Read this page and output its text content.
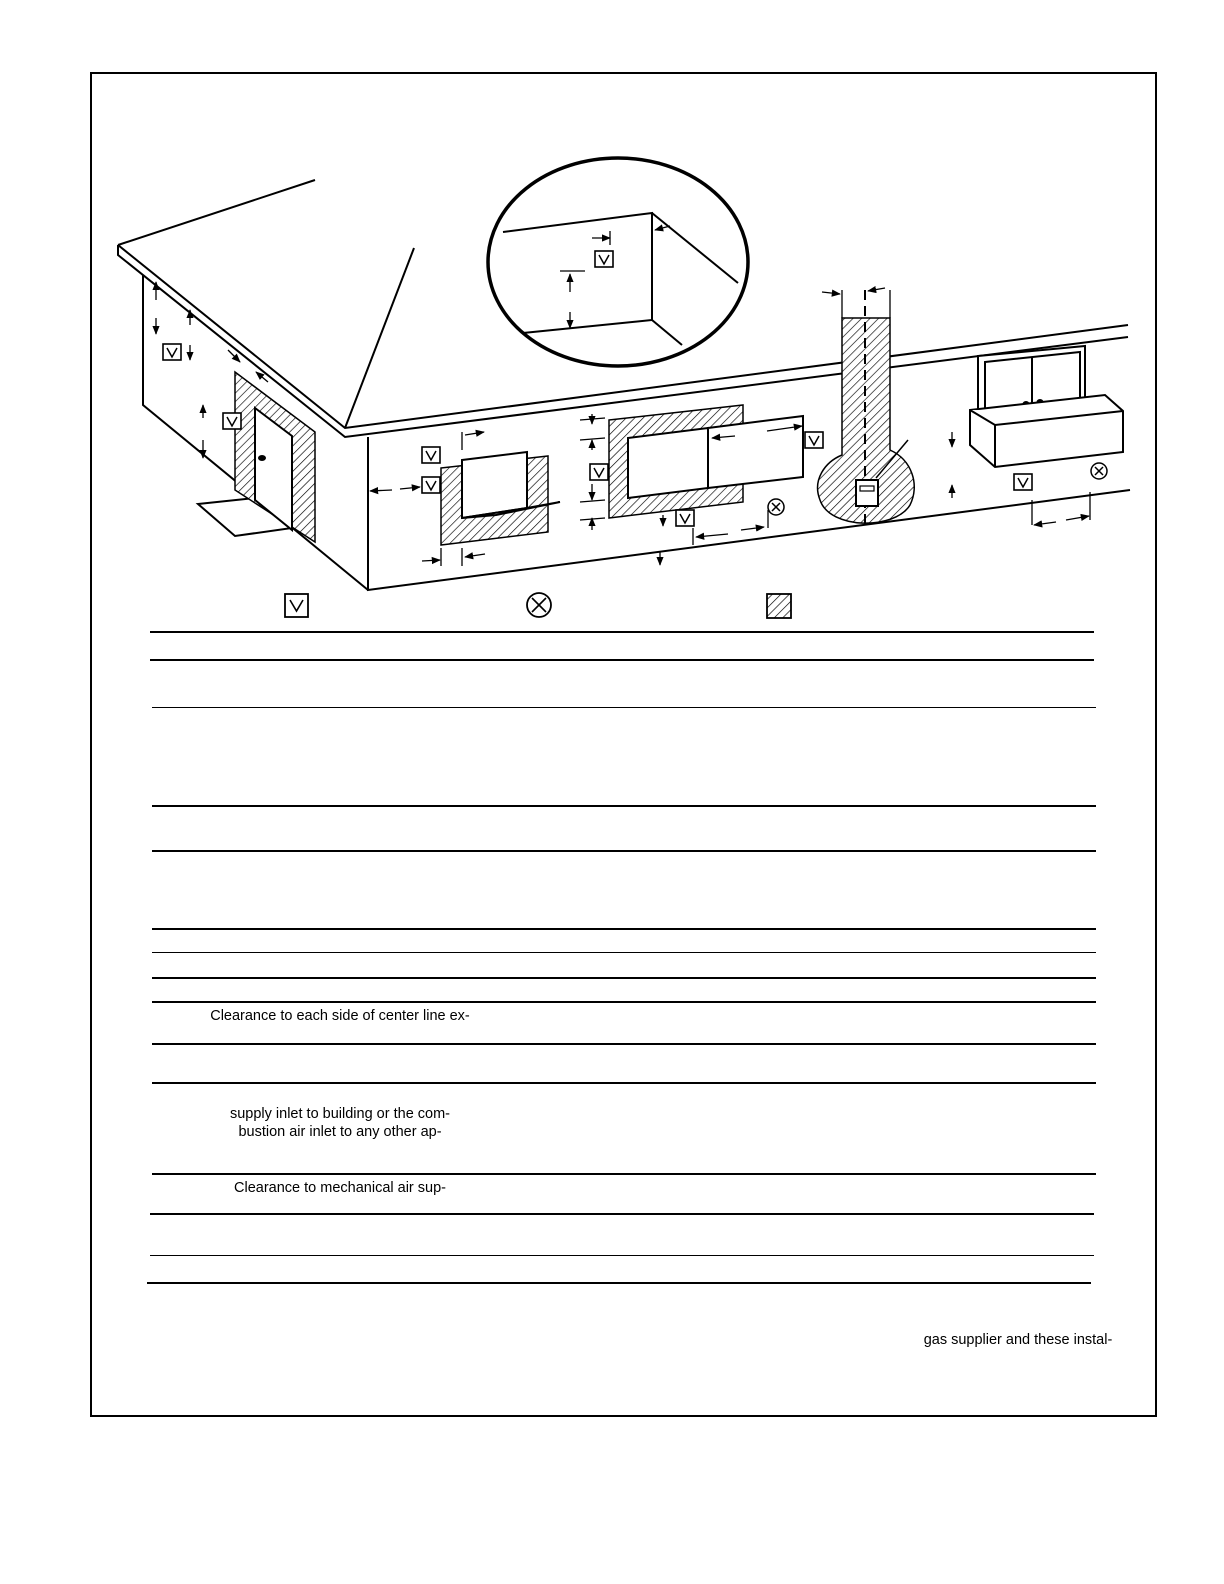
Clearance to each side of center line ex-
supply inlet to building or the com-
bustion air inlet to any other ap-
Clearance to mechanical air sup-
gas supplier and these instal-
